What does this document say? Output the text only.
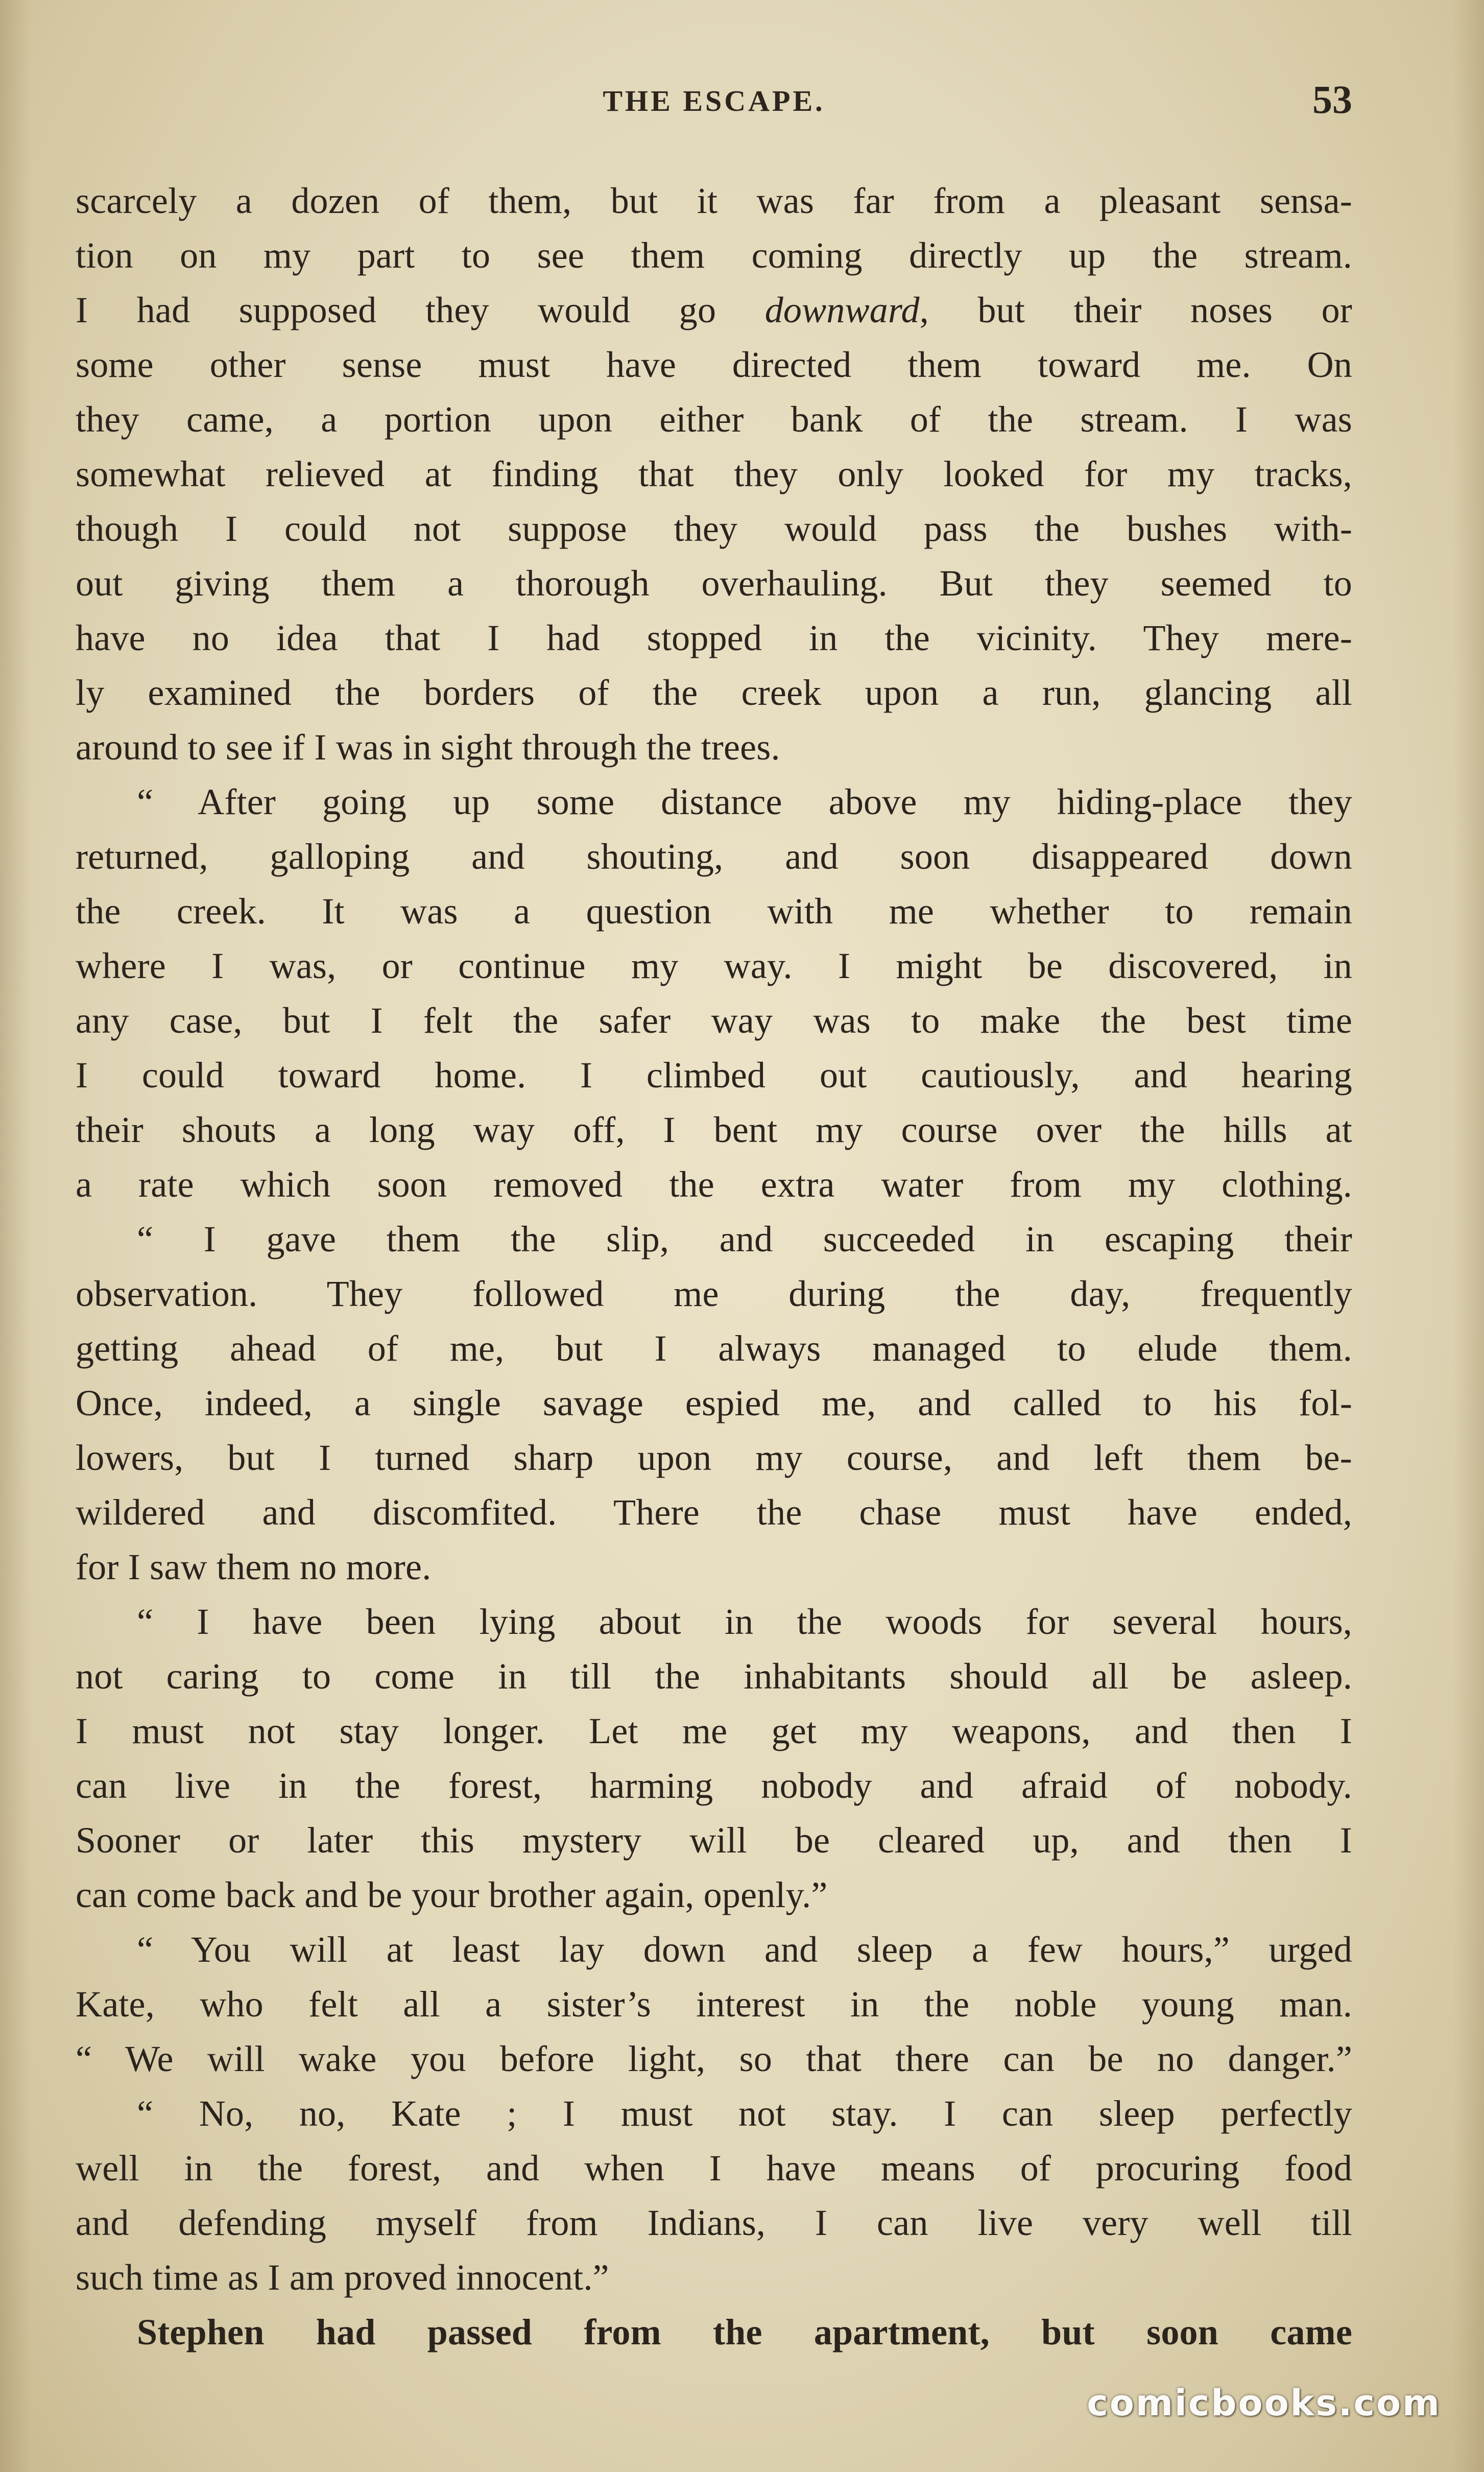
THE ESCAPE.	53
scarcely a dozen of them, but it was far from a pleasant sensa-
tion on my part to see them coming directly up the stream.
I had supposed they would go downward, but their noses or
some other sense must have directed them toward me. On
they came, a portion upon either bank of the stream. I was
somewhat relieved at finding that they only looked for my tracks,
though I could not suppose they would pass the bushes with-
out giving them a thorough overhauling. But they seemed to
have no idea that I had stopped in the vicinity. They mere-
ly examined the borders of the creek upon a run, glancing all
around to see if I was in sight through the trees.
“ After going up some distance above my hiding-place they
returned, galloping and shouting, and soon disappeared down
the creek. It was a question with me whether to remain
where I was, or continue my way. I might be discovered, in
any case, but I felt the safer way was to make the best time
I could toward home. I climbed out cautiously, and hearing
their shouts a long way off, I bent my course over the hills at
a rate which soon removed the extra water from my clothing.
“ I gave them the slip, and succeeded in escaping their
observation. They followed me during the day, frequently
getting ahead of me, but I always managed to elude them.
Once, indeed, a single savage espied me, and called to his fol-
lowers, but I turned sharp upon my course, and left them be-
wildered and discomfited. There the chase must have ended,
for I saw them no more.
“ I have been lying about in the woods for several hours,
not caring to come in till the inhabitants should all be asleep.
I must not stay longer. Let me get my weapons, and then I
can live in the forest, harming nobody and afraid of nobody.
Sooner or later this mystery will be cleared up, and then I
can come back and be your brother again, openly.”
“ You will at least lay down and sleep a few hours,” urged
Kate, who felt all a sister’s interest in the noble young man.
“ We will wake you before light, so that there can be no danger.”
“ No, no, Kate ; I must not stay. I can sleep perfectly
well in the forest, and when I have means of procuring food
and defending myself from Indians, I can live very well till
such time as I am proved innocent.”
Stephen had passed from the apartment, but soon came
comicbooks.com
